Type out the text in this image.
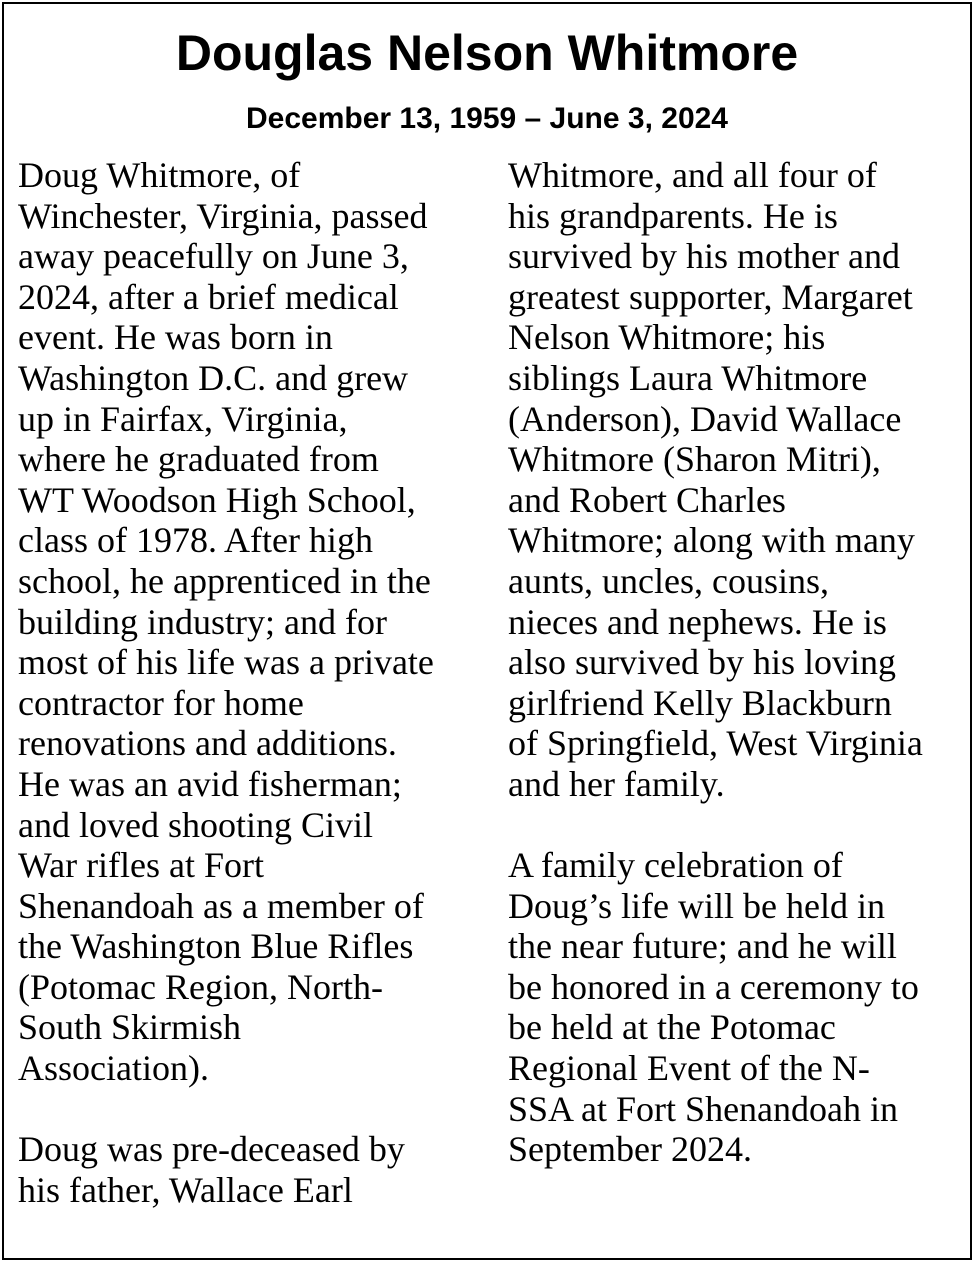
Douglas Nelson Whitmore
December 13, 1959 – June 3, 2024
Doug Whitmore, of
Winchester, Virginia, passed
away peacefully on June 3,
2024, after a brief medical
event. He was born in
Washington D.C. and grew
up in Fairfax, Virginia,
where he graduated from
WT Woodson High School,
class of 1978. After high
school, he apprenticed in the
building industry; and for
most of his life was a private
contractor for home
renovations and additions.
He was an avid fisherman;
and loved shooting Civil
War rifles at Fort
Shenandoah as a member of
the Washington Blue Rifles
(Potomac Region, North-
South Skirmish
Association).
Doug was pre-deceased by
his father, Wallace Earl
Whitmore, and all four of
his grandparents. He is
survived by his mother and
greatest supporter, Margaret
Nelson Whitmore; his
siblings Laura Whitmore
(Anderson), David Wallace
Whitmore (Sharon Mitri),
and Robert Charles
Whitmore; along with many
aunts, uncles, cousins,
nieces and nephews. He is
also survived by his loving
girlfriend Kelly Blackburn
of Springfield, West Virginia
and her family.
A family celebration of
Doug’s life will be held in
the near future; and he will
be honored in a ceremony to
be held at the Potomac
Regional Event of the N-
SSA at Fort Shenandoah in
September 2024.
